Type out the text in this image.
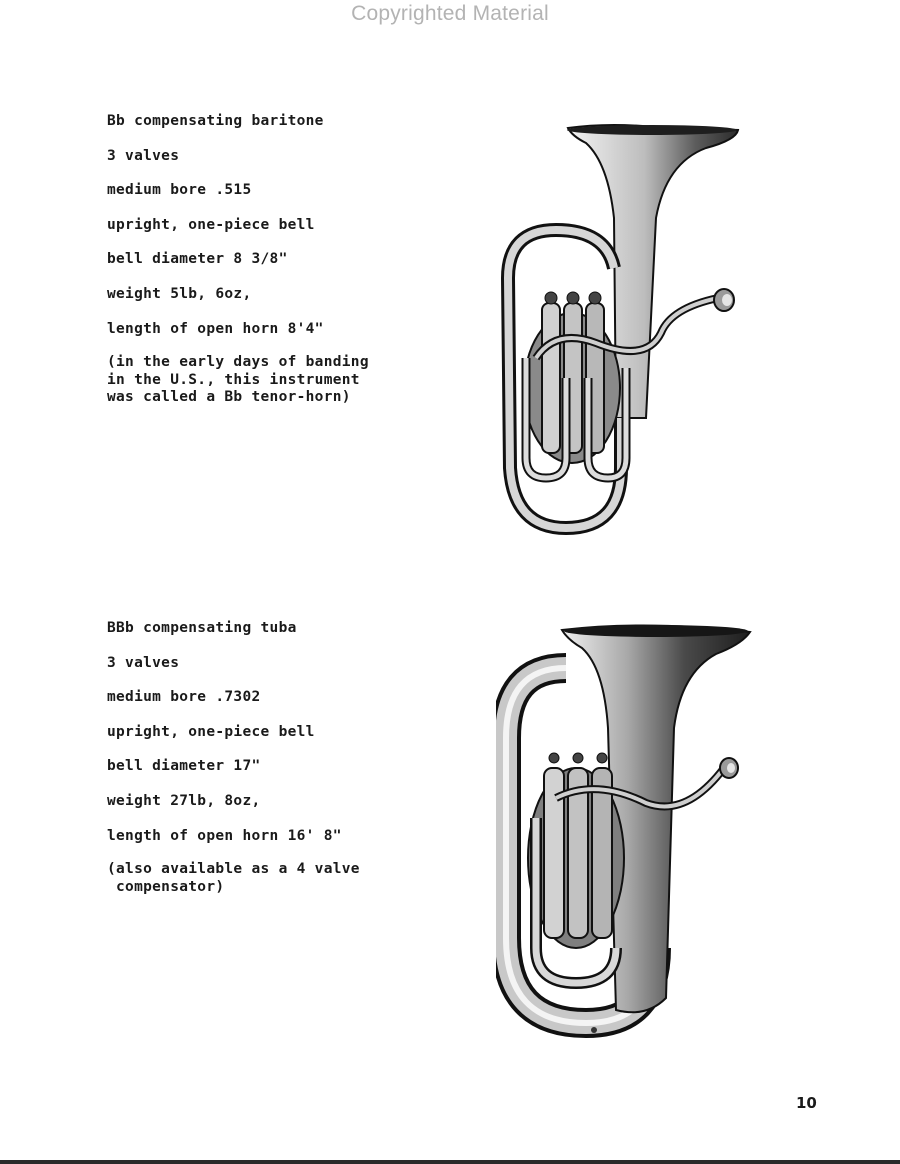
Copyrighted Material
Bb compensating baritone
3 valves
medium bore .515
upright, one-piece bell
bell diameter 8 3/8"
weight 5lb, 6oz,
length of open horn 8'4"
(in the early days of banding
in the U.S., this instrument
was called a Bb tenor-horn)
BBb compensating tuba
3 valves
medium bore .7302
upright, one-piece bell
bell diameter 17"
weight 27lb, 8oz,
length of open horn 16' 8"
(also available as a 4 valve
compensator)
10
